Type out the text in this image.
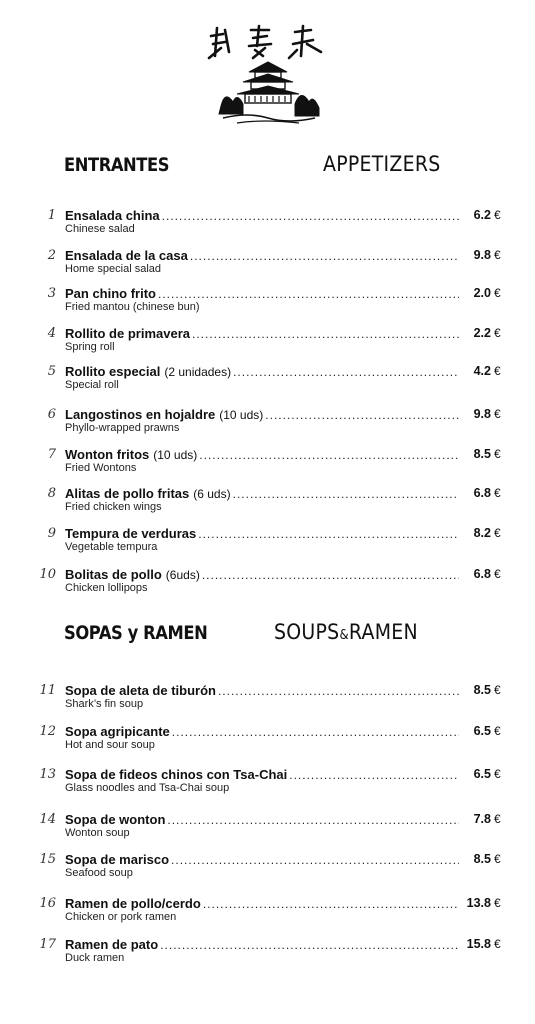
ENTRANTES	APPETIZERS
1 Ensalada china .....	6.2 €
Chinese salad
2 Ensalada de la casa .....	9.8 €
Home special salad
3 Pan chino frito .....	2.0 €
Fried mantou (chinese bun)
4 Rollito de primavera .....	2.2 €
Spring roll
5 Rollito especial (2 unidades) .....	4.2 €
Special roll
6 Langostinos en hojaldre (10 uds) .....	9.8 €
Phyllo-wrapped prawns
7 Wonton fritos (10 uds) .....	8.5 €
Fried Wontons
8 Alitas de pollo fritas (6 uds) .....	6.8 €
Fried chicken wings
9 Tempura de verduras .....	8.2 €
Vegetable tempura
10 Bolitas de pollo (6uds) .....	6.8 €
Chicken lollipops
SOPAS y RAMEN	SOUPS&RAMEN
11 Sopa de aleta de tiburón .....	8.5 €
Shark’s fin soup
12 Sopa agripicante .....	6.5 €
Hot and sour soup
13 Sopa de fideos chinos con Tsa-Chai .....	6.5 €
Glass noodles and Tsa-Chai soup
14 Sopa de wonton .....	7.8 €
Wonton soup
15 Sopa de marisco .....	8.5 €
Seafood soup
16 Ramen de pollo/cerdo .....	13.8 €
Chicken or pork ramen
17 Ramen de pato .....	15.8 €
Duck ramen
